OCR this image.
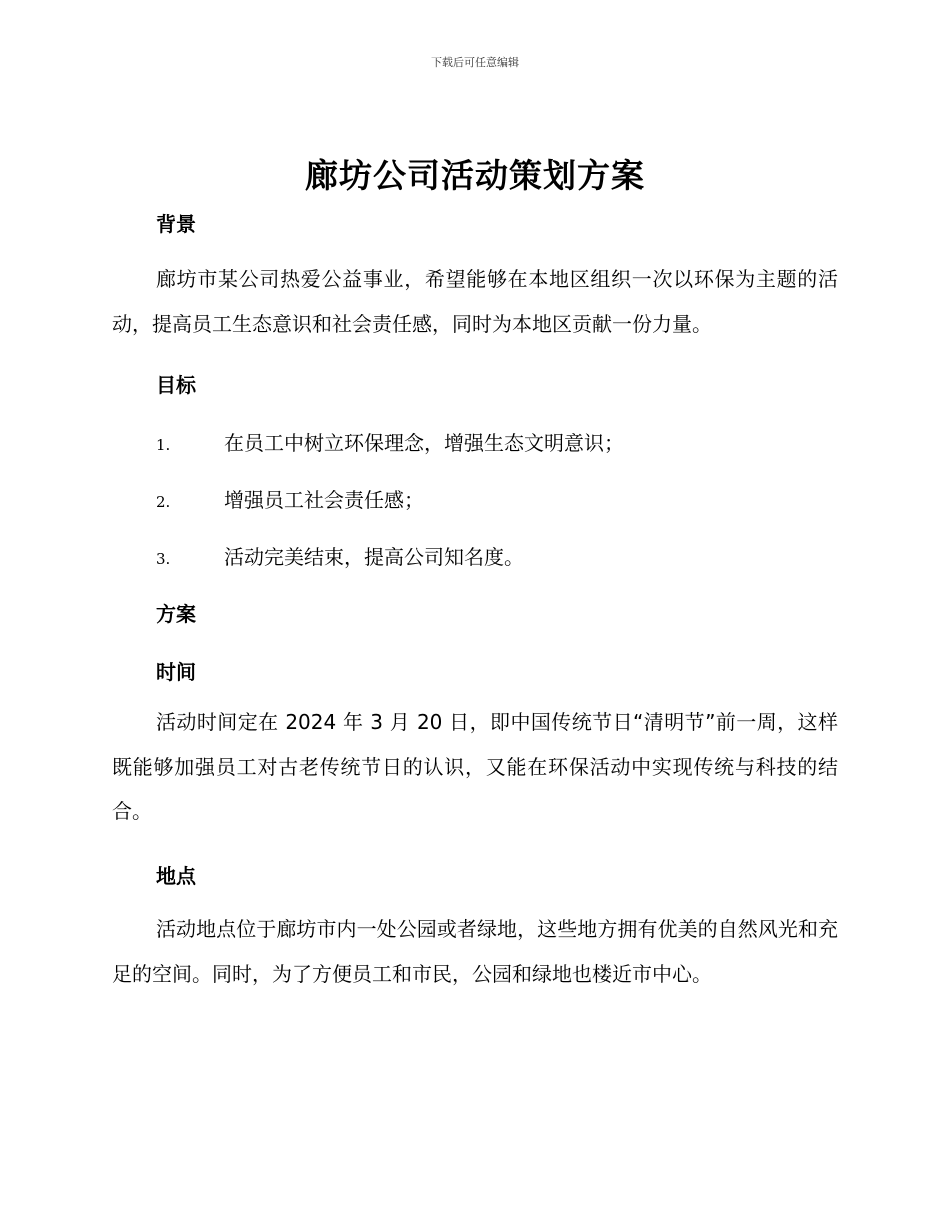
下载后可任意编辑
廊坊公司活动策划方案
背景
廊坊市某公司热爱公益事业，希望能够在本地区组织一次以环保为主题的活动，提高员工生态意识和社会责任感，同时为本地区贡献一份力量。
目标
1.	在员工中树立环保理念，增强生态文明意识；
2.	增强员工社会责任感；
3.	活动完美结束，提高公司知名度。
方案
时间
活动时间定在 2024 年 3 月 20 日，即中国传统节日“清明节”前一周，这样既能够加强员工对古老传统节日的认识，又能在环保活动中实现传统与科技的结合。
地点
活动地点位于廊坊市内一处公园或者绿地，这些地方拥有优美的自然风光和充足的空间。同时，为了方便员工和市民，公园和绿地也楼近市中心。
